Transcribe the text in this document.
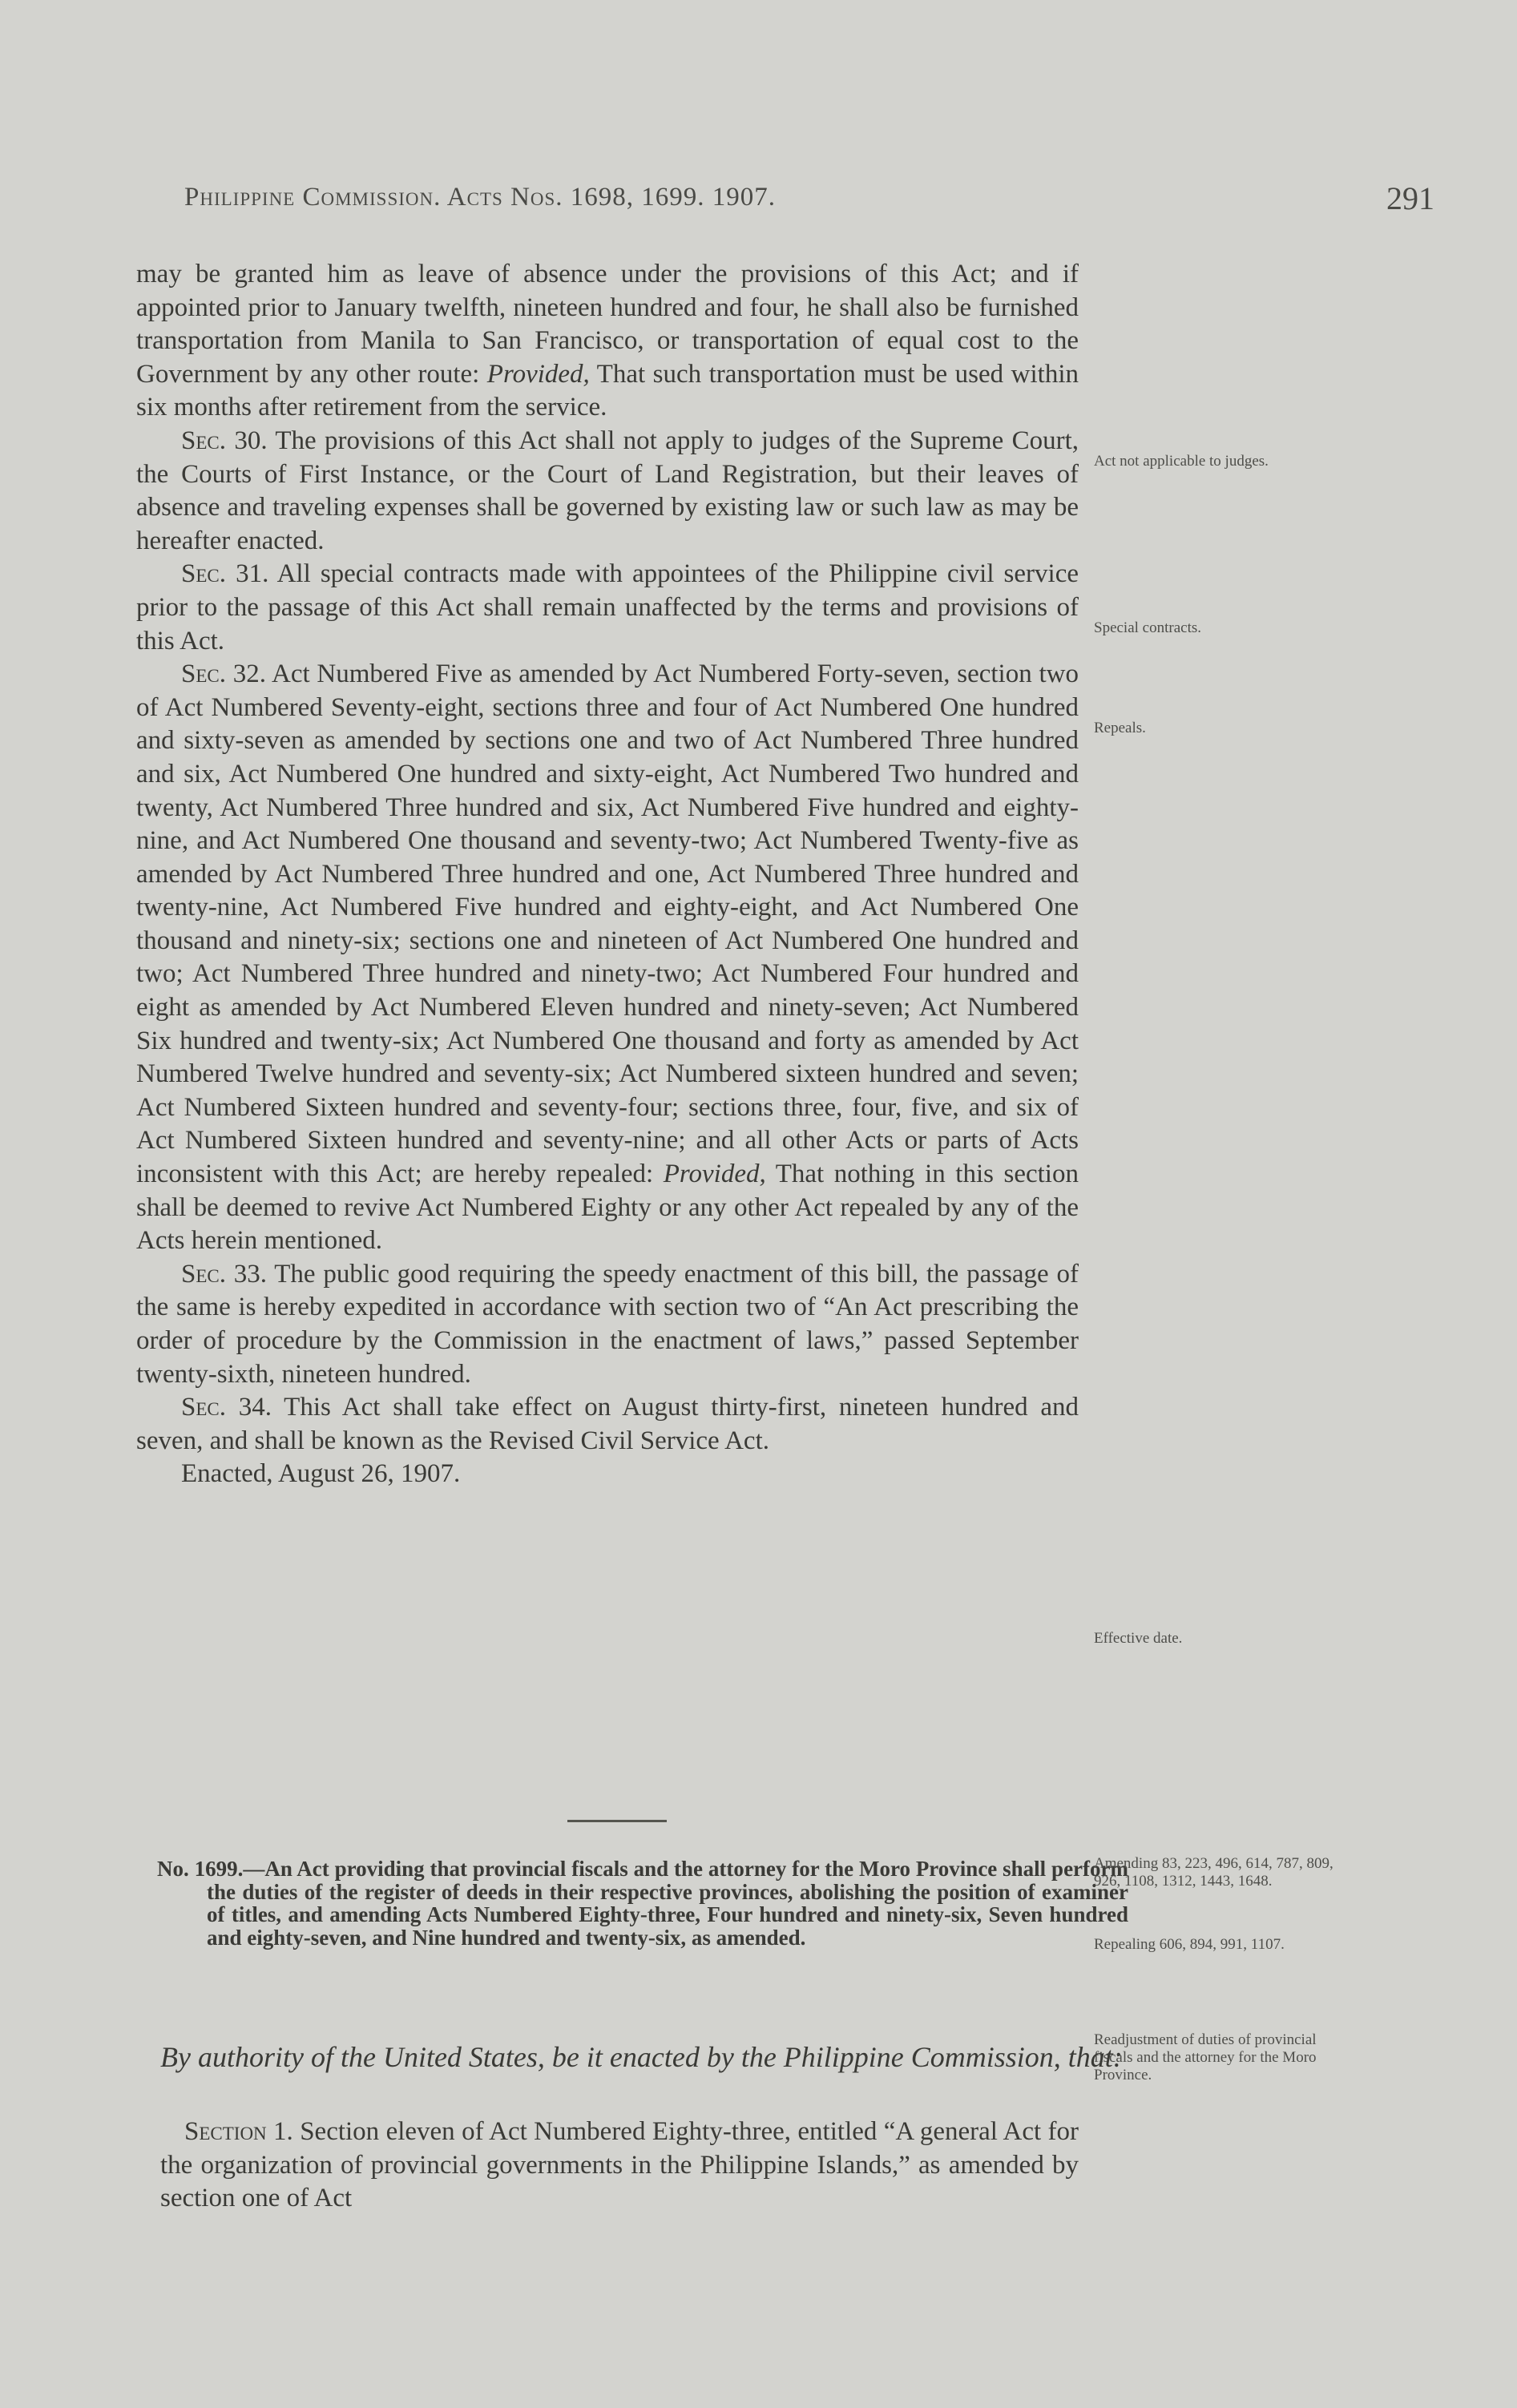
Philippine Commission. Acts Nos. 1698, 1699. 1907.	291

may be granted him as leave of absence under the provisions of this Act; and if appointed prior to January twelfth, nineteen hundred and four, he shall also be furnished transportation from Manila to San Francisco, or transportation of equal cost to the Government by any other route: Provided, That such transportation must be used within six months after retirement from the service.

Sec. 30. The provisions of this Act shall not apply to judges of the Supreme Court, the Courts of First Instance, or the Court of Land Registration, but their leaves of absence and traveling expenses shall be governed by existing law or such law as may be hereafter enacted.

Sec. 31. All special contracts made with appointees of the Philippine civil service prior to the passage of this Act shall remain unaffected by the terms and provisions of this Act.

Sec. 32. Act Numbered Five as amended by Act Numbered Forty-seven, section two of Act Numbered Seventy-eight, sections three and four of Act Numbered One hundred and sixty-seven as amended by sections one and two of Act Numbered Three hundred and six, Act Numbered One hundred and sixty-eight, Act Numbered Two hundred and twenty, Act Numbered Three hundred and six, Act Numbered Five hundred and eighty-nine, and Act Numbered One thousand and seventy-two; Act Numbered Twenty-five as amended by Act Numbered Three hundred and one, Act Numbered Three hundred and twenty-nine, Act Numbered Five hundred and eighty-eight, and Act Numbered One thousand and ninety-six; sections one and nineteen of Act Numbered One hundred and two; Act Numbered Three hundred and ninety-two; Act Numbered Four hundred and eight as amended by Act Numbered Eleven hundred and ninety-seven; Act Numbered Six hundred and twenty-six; Act Numbered One thousand and forty as amended by Act Numbered Twelve hundred and seventy-six; Act Numbered sixteen hundred and seven; Act Numbered Sixteen hundred and seventy-four; sections three, four, five, and six of Act Numbered Sixteen hundred and seventy-nine; and all other Acts or parts of Acts inconsistent with this Act; are hereby repealed: Provided, That nothing in this section shall be deemed to revive Act Numbered Eighty or any other Act repealed by any of the Acts herein mentioned.

Sec. 33. The public good requiring the speedy enactment of this bill, the passage of the same is hereby expedited in accordance with section two of “An Act prescribing the order of procedure by the Commission in the enactment of laws,” passed September twenty-sixth, nineteen hundred.

Sec. 34. This Act shall take effect on August thirty-first, nineteen hundred and seven, and shall be known as the Revised Civil Service Act.

Enacted, August 26, 1907.

Act not applicable to judges.
Special contracts.
Repeals.
Effective date.
No. 1699.—An Act providing that provincial fiscals and the attorney for the Moro Province shall perform the duties of the register of deeds in their respective provinces, abolishing the position of examiner of titles, and amending Acts Numbered Eighty-three, Four hundred and ninety-six, Seven hundred and eighty-seven, and Nine hundred and twenty-six, as amended.
Amending 83, 223, 496, 614, 787, 809, 926, 1108, 1312, 1443, 1648.
Repealing 606, 894, 991, 1107.
Readjustment of duties of provincial fiscals and the attorney for the Moro Province.
By authority of the United States, be it enacted by the Philippine Commission, that:

Section 1. Section eleven of Act Numbered Eighty-three, entitled “A general Act for the organization of provincial governments in the Philippine Islands,” as amended by section one of Act
